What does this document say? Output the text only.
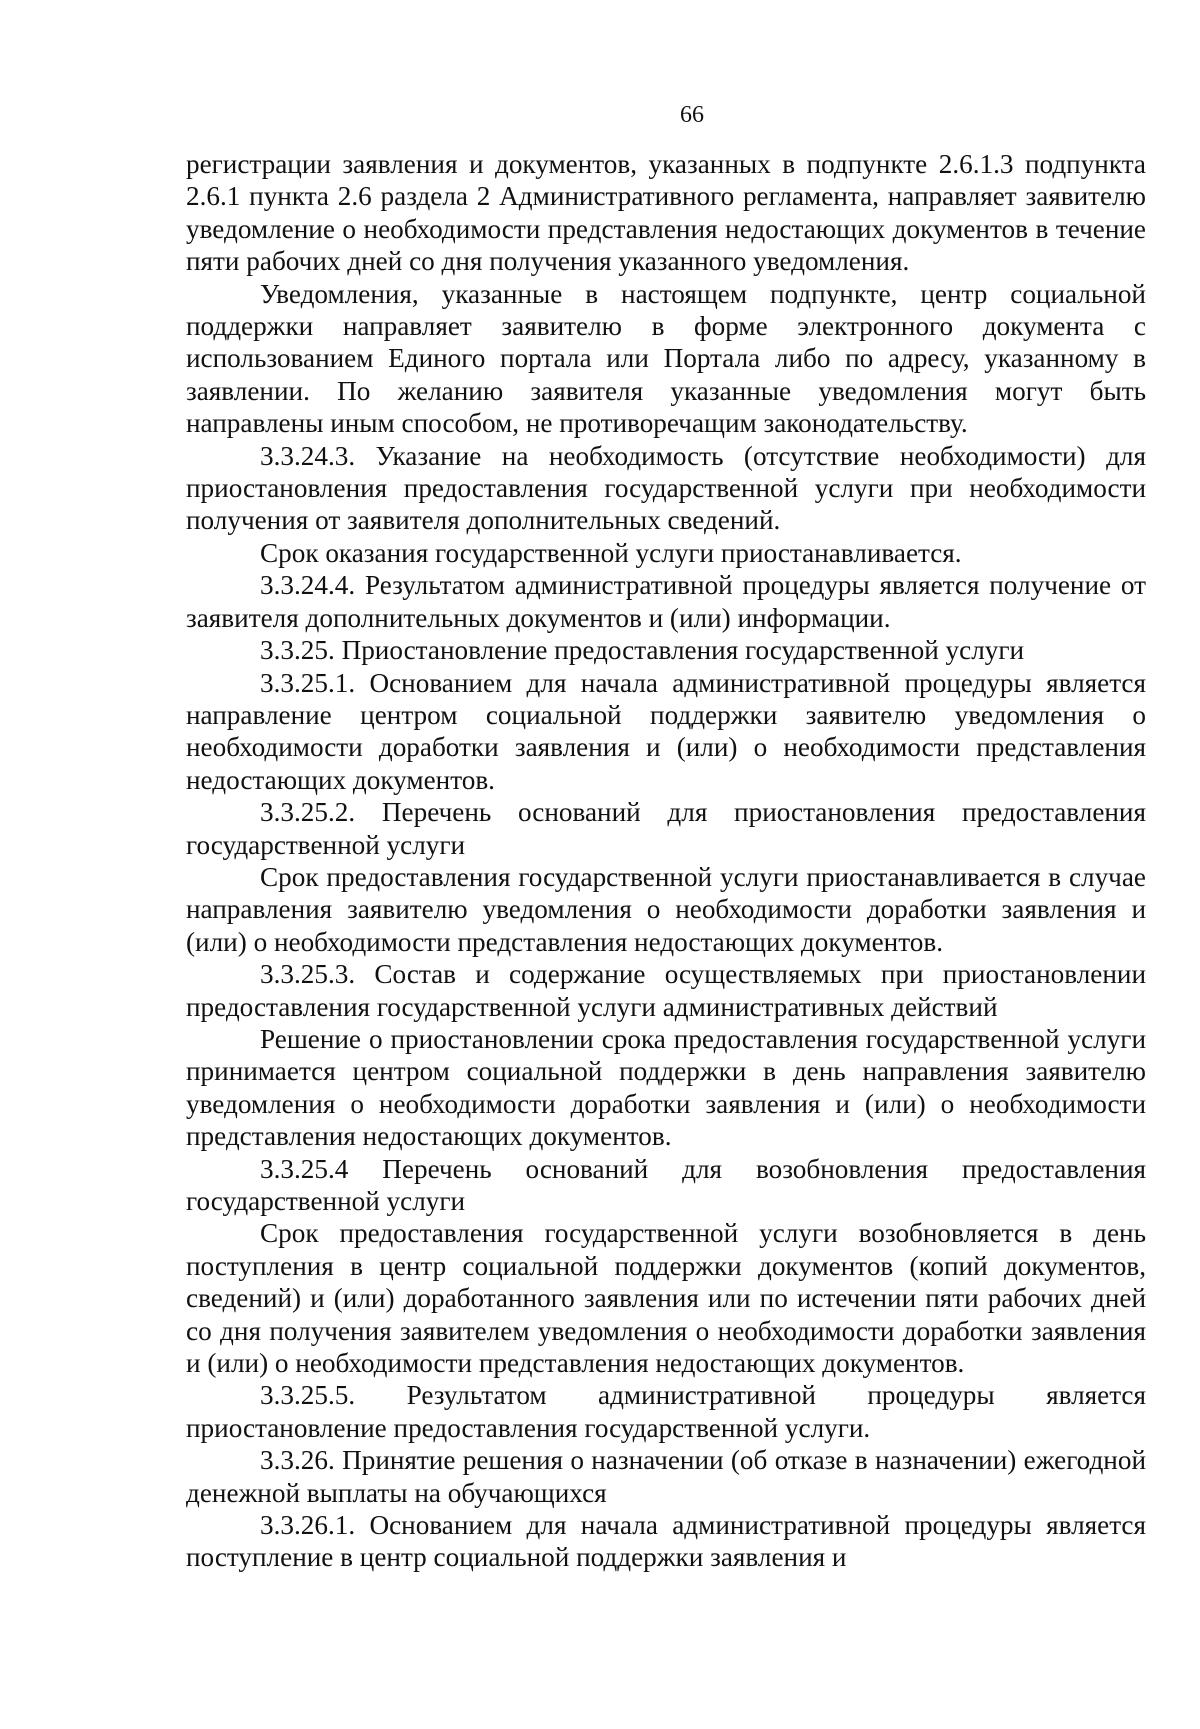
66

регистрации заявления и документов, указанных в подпункте 2.6.1.3 подпункта 2.6.1 пункта 2.6 раздела 2 Административного регламента, направляет заявителю уведомление о необходимости представления недостающих документов в течение пяти рабочих дней со дня получения указанного уведомления.

Уведомления, указанные в настоящем подпункте, центр социальной поддержки направляет заявителю в форме электронного документа с использованием Единого портала или Портала либо по адресу, указанному в заявлении. По желанию заявителя указанные уведомления могут быть направлены иным способом, не противоречащим законодательству.

3.3.24.3. Указание на необходимость (отсутствие необходимости) для приостановления предоставления государственной услуги при необходимости получения от заявителя дополнительных сведений.

Срок оказания государственной услуги приостанавливается.

3.3.24.4. Результатом административной процедуры является получение от заявителя дополнительных документов и (или) информации.

3.3.25. Приостановление предоставления государственной услуги

3.3.25.1. Основанием для начала административной процедуры является направление центром социальной поддержки заявителю уведомления о необходимости доработки заявления и (или) о необходимости представления недостающих документов.

3.3.25.2. Перечень оснований для приостановления предоставления государственной услуги

Срок предоставления государственной услуги приостанавливается в случае направления заявителю уведомления о необходимости доработки заявления и (или) о необходимости представления недостающих документов.

3.3.25.3. Состав и содержание осуществляемых при приостановлении предоставления государственной услуги административных действий

Решение о приостановлении срока предоставления государственной услуги принимается центром социальной поддержки в день направления заявителю уведомления о необходимости доработки заявления и (или) о необходимости представления недостающих документов.

3.3.25.4 Перечень оснований для возобновления предоставления государственной услуги

Срок предоставления государственной услуги возобновляется в день поступления в центр социальной поддержки документов (копий документов, сведений) и (или) доработанного заявления или по истечении пяти рабочих дней со дня получения заявителем уведомления о необходимости доработки заявления и (или) о необходимости представления недостающих документов.

3.3.25.5. Результатом административной процедуры является приостановление предоставления государственной услуги.

3.3.26. Принятие решения о назначении (об отказе в назначении) ежегодной денежной выплаты на обучающихся

3.3.26.1. Основанием для начала административной процедуры является поступление в центр социальной поддержки заявления и
